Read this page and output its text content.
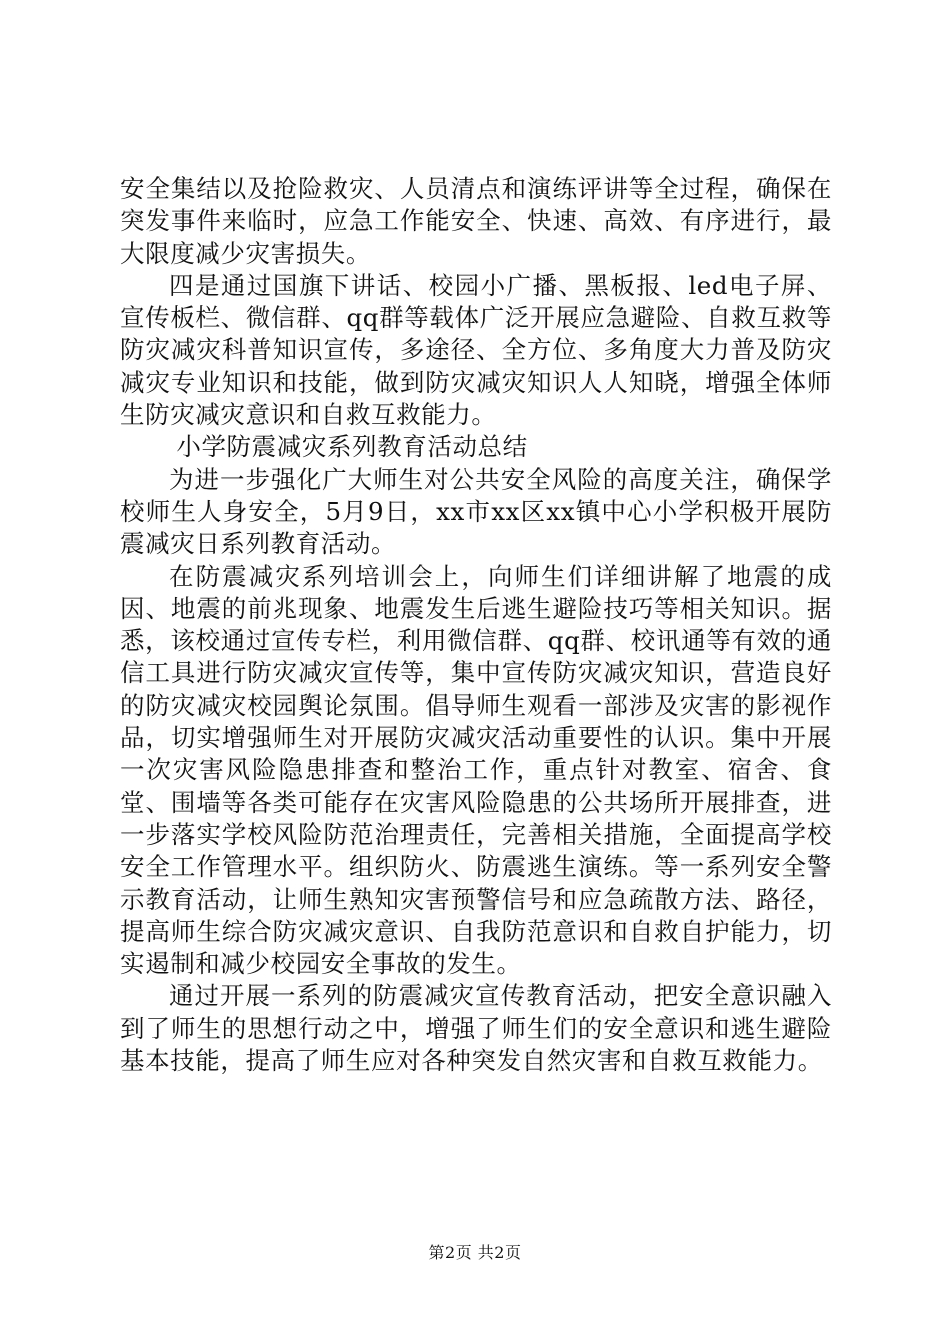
安全集结以及抢险救灾、人员清点和演练评讲等全过程，确保在突发事件来临时，应急工作能安全、快速、高效、有序进行，最大限度减少灾害损失。

四是通过国旗下讲话、校园小广播、黑板报、led电子屏、宣传板栏、微信群、qq群等载体广泛开展应急避险、自救互救等防灾减灾科普知识宣传，多途径、全方位、多角度大力普及防灾减灾专业知识和技能，做到防灾减灾知识人人知晓，增强全体师生防灾减灾意识和自救互救能力。

小学防震减灾系列教育活动总结

为进一步强化广大师生对公共安全风险的高度关注，确保学校师生人身安全，5月9日，xx市xx区xx镇中心小学积极开展防震减灾日系列教育活动。

在防震减灾系列培训会上，向师生们详细讲解了地震的成因、地震的前兆现象、地震发生后逃生避险技巧等相关知识。据悉，该校通过宣传专栏，利用微信群、qq群、校讯通等有效的通信工具进行防灾减灾宣传等，集中宣传防灾减灾知识，营造良好的防灾减灾校园舆论氛围。倡导师生观看一部涉及灾害的影视作品，切实增强师生对开展防灾减灾活动重要性的认识。集中开展一次灾害风险隐患排查和整治工作，重点针对教室、宿舍、食堂、围墙等各类可能存在灾害风险隐患的公共场所开展排查，进一步落实学校风险防范治理责任，完善相关措施，全面提高学校安全工作管理水平。组织防火、防震逃生演练。等一系列安全警示教育活动，让师生熟知灾害预警信号和应急疏散方法、路径，提高师生综合防灾减灾意识、自我防范意识和自救自护能力，切实遏制和减少校园安全事故的发生。

通过开展一系列的防震减灾宣传教育活动，把安全意识融入到了师生的思想行动之中，增强了师生们的安全意识和逃生避险基本技能，提高了师生应对各种突发自然灾害和自救互救能力。

第2页 共2页
